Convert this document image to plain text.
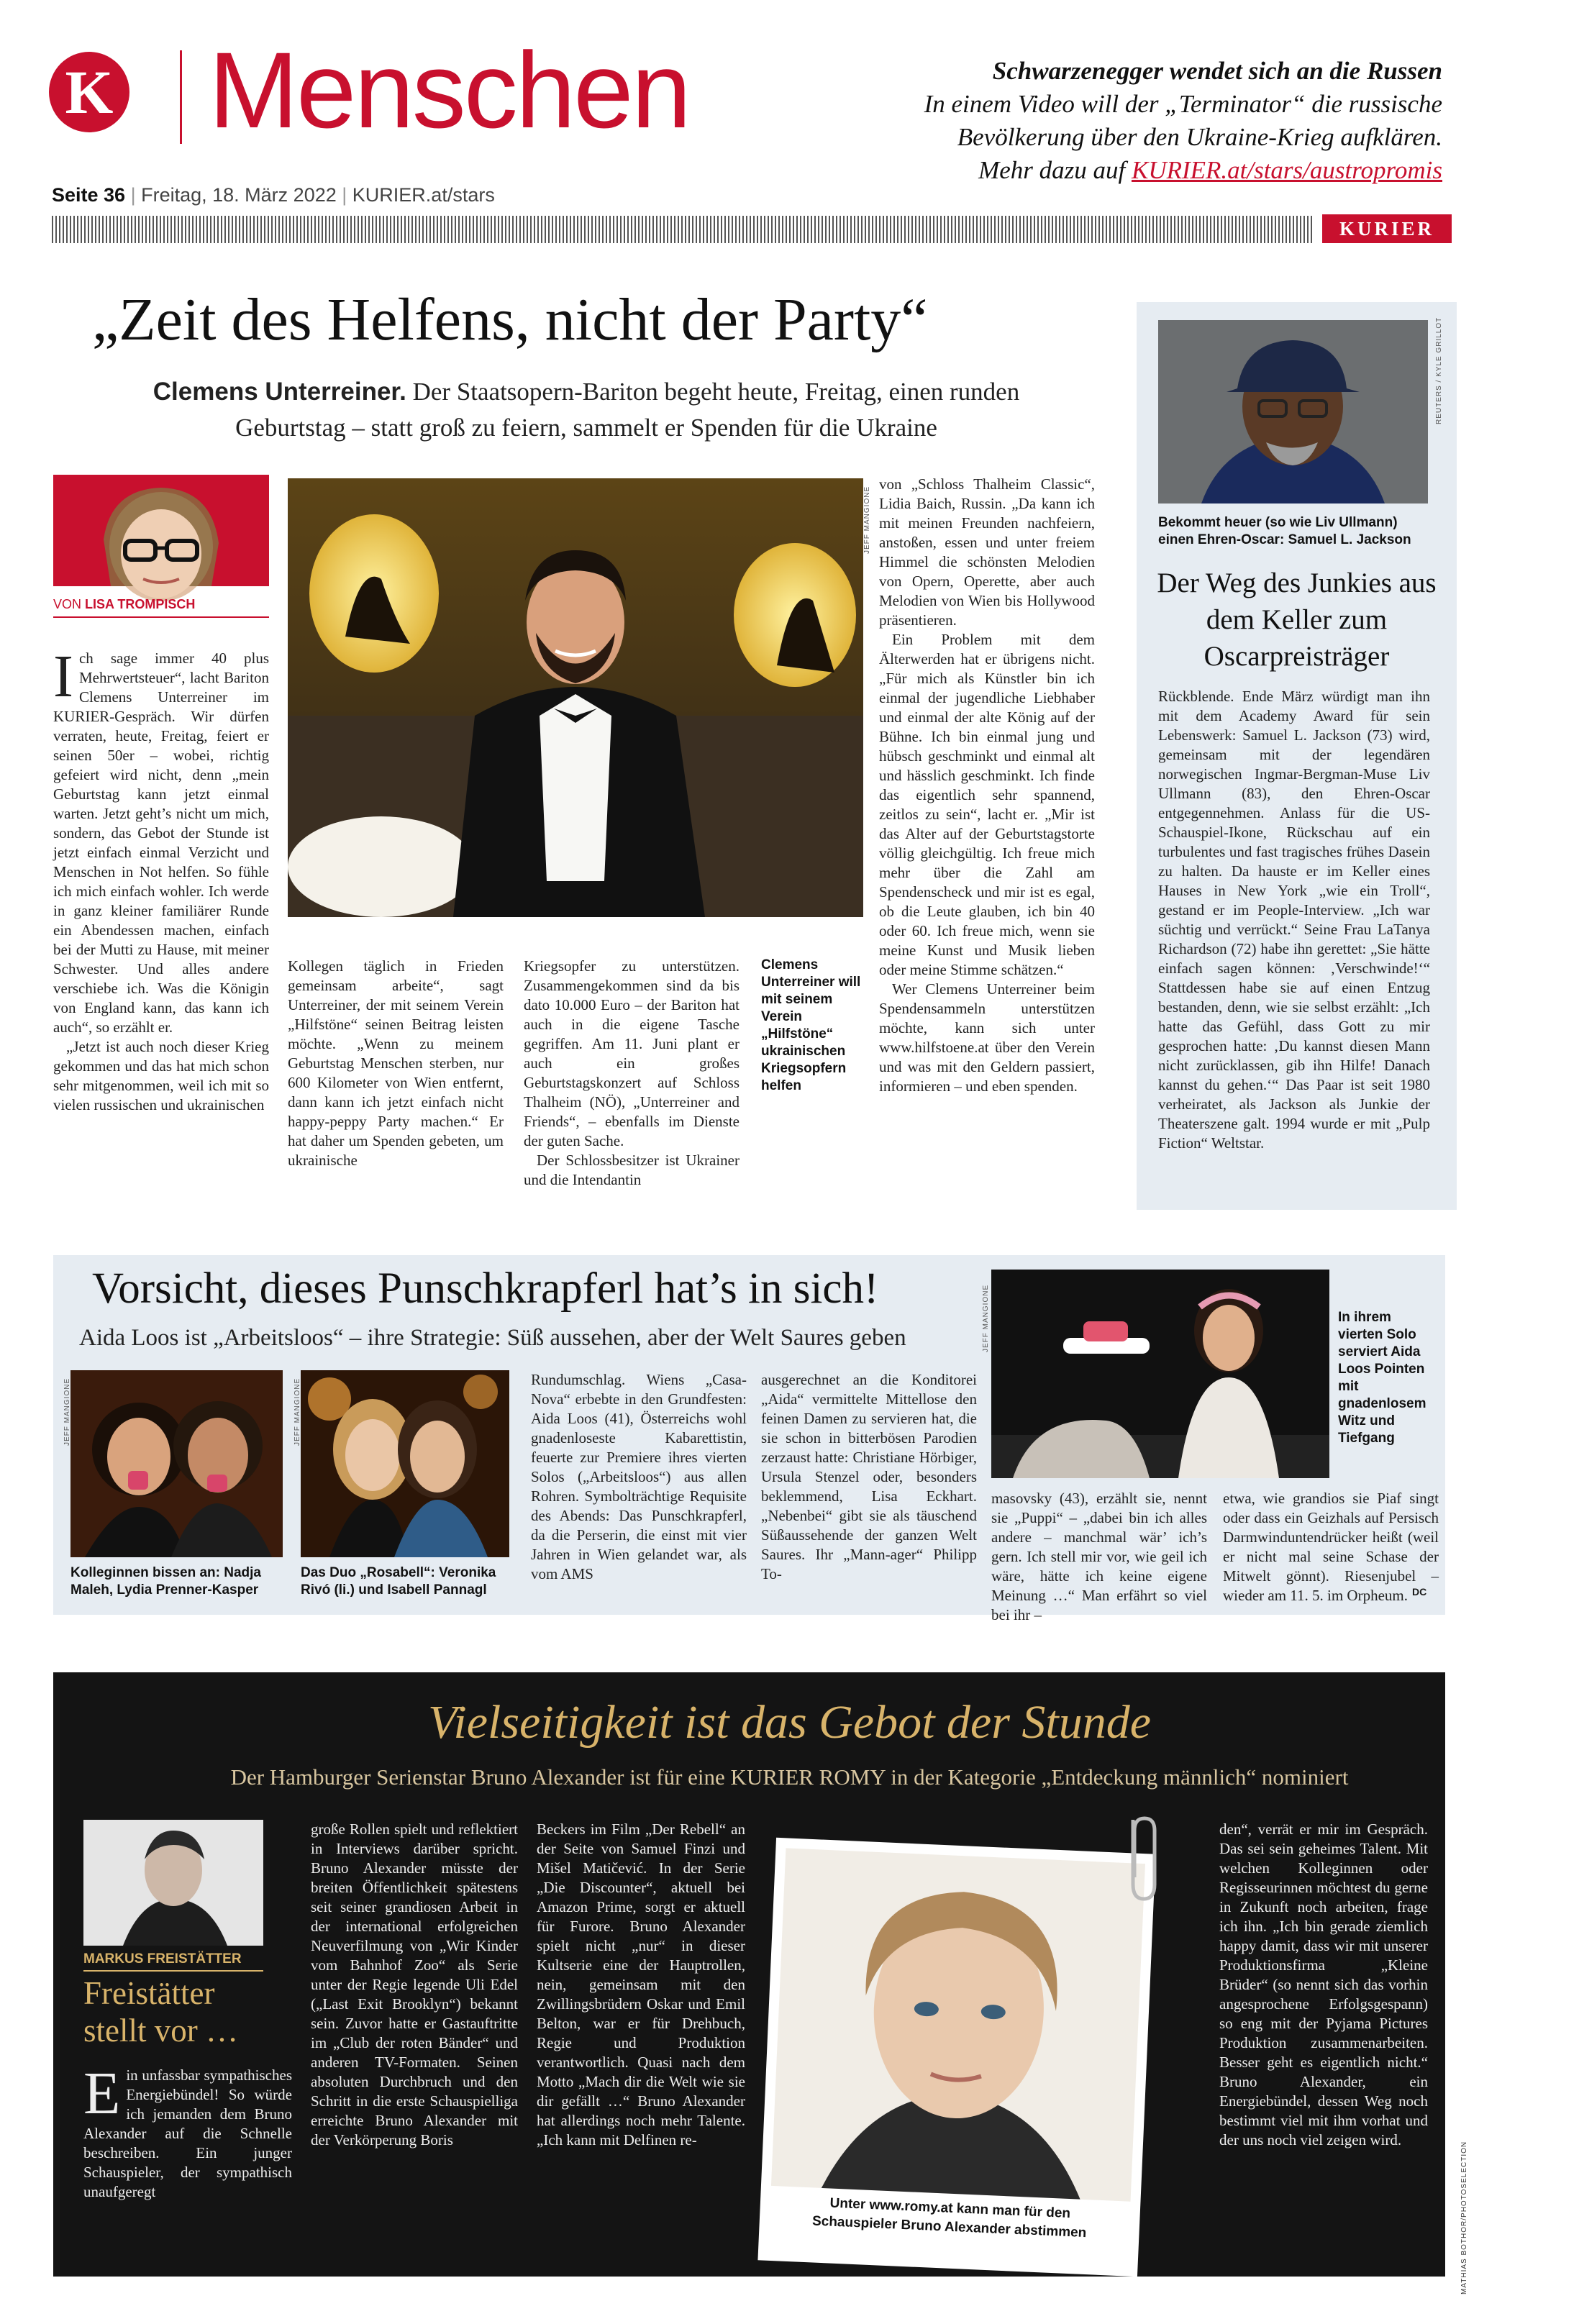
K Menschen
Seite 36 | Freitag, 18. März 2022 | KURIER.at/stars
Schwarzenegger wendet sich an die Russen
In einem Video will der „Terminator“ die russische
Bevölkerung über den Ukraine-Krieg aufklären.
Mehr dazu auf KURIER.at/stars/austropromis
KURIER
„Zeit des Helfens, nicht der Party“
Clemens Unterreiner. Der Staatsopern-Bariton begeht heute, Freitag, einen runden
Geburtstag – statt groß zu feiern, sammelt er Spenden für die Ukraine
VON LISA TROMPISCH
JEFF MANGIONE
I ch sage immer 40 plus Mehrwertsteuer“, lacht Bariton Clemens Unterreiner im KURIER-Gespräch. Wir dürfen verraten, heute, Freitag, feiert er seinen 50er – wobei, richtig gefeiert wird nicht, denn „mein Geburtstag kann jetzt einmal warten. Jetzt geht’s nicht um mich, sondern, das Gebot der Stunde ist jetzt einfach einmal Verzicht und Menschen in Not helfen. So fühle ich mich einfach wohler. Ich werde in ganz kleiner familiärer Runde ein Abendessen machen, einfach bei der Mutti zu Hause, mit meiner Schwester. Und alles andere verschiebe ich. Was die Königin von England kann, das kann ich auch“, so erzählt er.

„Jetzt ist auch noch dieser Krieg gekommen und das hat mich schon sehr mitgenommen, weil ich mit so vielen russischen und ukrainischen

Kollegen täglich in Frieden gemeinsam arbeite“, sagt Unterreiner, der mit seinem Verein „Hilfstöne“ seinen Beitrag leisten möchte. „Wenn zu meinem Geburtstag Menschen sterben, nur 600 Kilometer von Wien entfernt, dann kann ich jetzt einfach nicht happy-peppy Party machen.“ Er hat daher um Spenden gebeten, um ukrainische

Kriegsopfer zu unterstützen. Zusammengekommen sind da bis dato 10.000 Euro – der Bariton hat auch in die eigene Tasche gegriffen. Am 11. Juni plant er auch ein großes Geburtstagskonzert auf Schloss Thalheim (NÖ), „Unterreiner and Friends“, – ebenfalls im Dienste der guten Sache.

Der Schlossbesitzer ist Ukrainer und die Intendantin

Clemens Unterreiner will mit seinem Verein „Hilfstöne“ ukrainischen Kriegsopfern helfen

von „Schloss Thalheim Classic“, Lidia Baich, Russin. „Da kann ich mit meinen Freunden nachfeiern, anstoßen, essen und unter freiem Himmel die schönsten Melodien von Opern, Operette, aber auch Melodien von Wien bis Hollywood präsentieren.

Ein Problem mit dem Älterwerden hat er übrigens nicht. „Für mich als Künstler bin ich einmal der jugendliche Liebhaber und einmal der alte König auf der Bühne. Ich bin einmal jung und hübsch geschminkt und einmal alt und hässlich geschminkt. Ich finde das eigentlich sehr spannend, zeitlos zu sein“, lacht er. „Mir ist das Alter auf der Geburtstagstorte völlig gleichgültig. Ich freue mich mehr über die Zahl am Spendenscheck und mir ist es egal, ob die Leute glauben, ich bin 40 oder 60. Ich freue mich, wenn sie meine Kunst und Musik lieben oder meine Stimme schätzen.“

Wer Clemens Unterreiner beim Spendensammeln unterstützen möchte, kann sich unter www.hilfstoene.at über den Verein und was mit den Geldern passiert, informieren – und eben spenden.

REUTERS / KYLE GRILLOT
Bekommt heuer (so wie Liv Ullmann) einen Ehren-Oscar: Samuel L. Jackson
Der Weg des Junkies aus dem Keller zum Oscarpreisträger

Rückblende. Ende März würdigt man ihn mit dem Academy Award für sein Lebenswerk: Samuel L. Jackson (73) wird, gemeinsam mit der legendären norwegischen Ingmar-Bergman-Muse Liv Ullmann (83), den Ehren-Oscar entgegennehmen. Anlass für die US-Schauspiel-Ikone, Rückschau auf ein turbulentes und fast tragisches frühes Dasein zu halten. Da hauste er im Keller eines Hauses in New York „wie ein Troll“, gestand er im People-Interview. „Ich war süchtig und verrückt.“ Seine Frau LaTanya Richardson (72) habe ihn gerettet: „Sie hätte einfach sagen können: ‚Verschwinde!‘“ Stattdessen habe sie auf einen Entzug bestanden, denn, wie sie selbst erzählt: „Ich hatte das Gefühl, dass Gott zu mir gesprochen hatte: ‚Du kannst diesen Mann nicht zurücklassen, gib ihn Hilfe! Danach kannst du gehen.‘“ Das Paar ist seit 1980 verheiratet, als Jackson als Junkie der Theaterszene galt. 1994 wurde er mit „Pulp Fiction“ Weltstar.

Vorsicht, dieses Punschkrapferl hat’s in sich!
Aida Loos ist „Arbeitsloos“ – ihre Strategie: Süß aussehen, aber der Welt Saures geben
JEFF MANGIONE
Kolleginnen bissen an: Nadja Maleh, Lydia Prenner-Kasper
JEFF MANGIONE
Das Duo „Rosabell“: Veronika Rivó (li.) und Isabell Pannagl

Rundumschlag. Wiens „Casa-Nova“ erbebte in den Grundfesten: Aida Loos (41), Österreichs wohl gnadenloseste Kabarettistin, feuerte zur Premiere ihres vierten Solos („Arbeitsloos“) aus allen Rohren. Symbolträchtige Requisite des Abends: Das Punschkrapferl, da die Perserin, die einst mit vier Jahren in Wien gelandet war, als vom AMS

ausgerechnet an die Konditorei „Aida“ vermittelte Mittellose den feinen Damen zu servieren hat, die sie schon in bitterbösen Parodien zerzaust hatte: Christiane Hörbiger, Ursula Stenzel oder, besonders beklemmend, Lisa Eckhart. „Nebenbei“ gibt sie als täuschend Süßaussehende der ganzen Welt Saures. Ihr „Mann-ager“ Philipp To-

JEFF MANGIONE	In ihrem vierten Solo serviert Aida Loos Pointen mit gnadenlosem Witz und Tiefgang

masovsky (43), erzählt sie, nennt sie „Puppi“ – „dabei bin ich alles andere – manchmal wär’ ich’s gern. Ich stell mir vor, wie geil ich wäre, hätte ich keine eigene Meinung …“ Man erfährt so viel bei ihr –

etwa, wie grandios sie Piaf singt oder dass ein Geizhals auf Persisch Darmwinduntendrücker heißt (weil er nicht mal seine Schase der Mitwelt gönnt). Riesenjubel – wieder am 11. 5. im Orpheum. DC
Vielseitigkeit ist das Gebot der Stunde
Der Hamburger Serienstar Bruno Alexander ist für eine KURIER ROMY in der Kategorie „Entdeckung männlich“ nominiert
MARKUS FREISTÄTTER
Freistätter
stellt vor …
E in unfassbar sympathisches Energiebündel! So würde ich jemanden dem Bruno Alexander auf die Schnelle beschreiben. Ein junger Schauspieler, der sympathisch unaufgeregt

große Rollen spielt und reflektiert in Interviews darüber spricht. Bruno Alexander müsste der breiten Öffentlichkeit spätestens seit seiner grandiosen Arbeit in der international erfolgreichen Neuverfilmung von „Wir Kinder vom Bahnhof Zoo“ als Serie unter der Regie legende Uli Edel („Last Exit Brooklyn“) bekannt sein. Zuvor hatte er Gastauftritte im „Club der roten Bänder“ und anderen TV-Formaten. Seinen absoluten Durchbruch und den Schritt in die erste Schauspielliga erreichte Bruno Alexander mit der Verkörperung Boris

Beckers im Film „Der Rebell“ an der Seite von Samuel Finzi und Mišel Matičević. In der Serie „Die Discounter“, aktuell bei Amazon Prime, sorgt er aktuell für Furore. Bruno Alexander spielt nicht „nur“ in dieser Kultserie eine der Hauptrollen, nein, gemeinsam mit den Zwillingsbrüdern Oskar und Emil Belton, war er für Drehbuch, Regie und Produktion verantwortlich. Quasi nach dem Motto „Mach dir die Welt wie sie dir gefällt …“ Bruno Alexander hat allerdings noch mehr Talente. „Ich kann mit Delfinen re-

Unter www.romy.at kann man für den
Schauspieler Bruno Alexander abstimmen

den“, verrät er mir im Gespräch. Das sei sein geheimes Talent. Mit welchen Kolleginnen oder Regisseurinnen möchtest du gerne in Zukunft noch arbeiten, frage ich ihn. „Ich bin gerade ziemlich happy damit, dass wir mit unserer Produktionsfirma „Kleine Brüder“ (so nennt sich das vorhin angesprochene Erfolgsgespann) so eng mit der Pyjama Pictures Produktion zusammenarbeiten. Besser geht es eigentlich nicht.“ Bruno Alexander, ein Energiebündel, dessen Weg noch bestimmt viel mit ihm vorhat und der uns noch viel zeigen wird.

MATHIAS BOTHOR/PHOTOSELECTION
